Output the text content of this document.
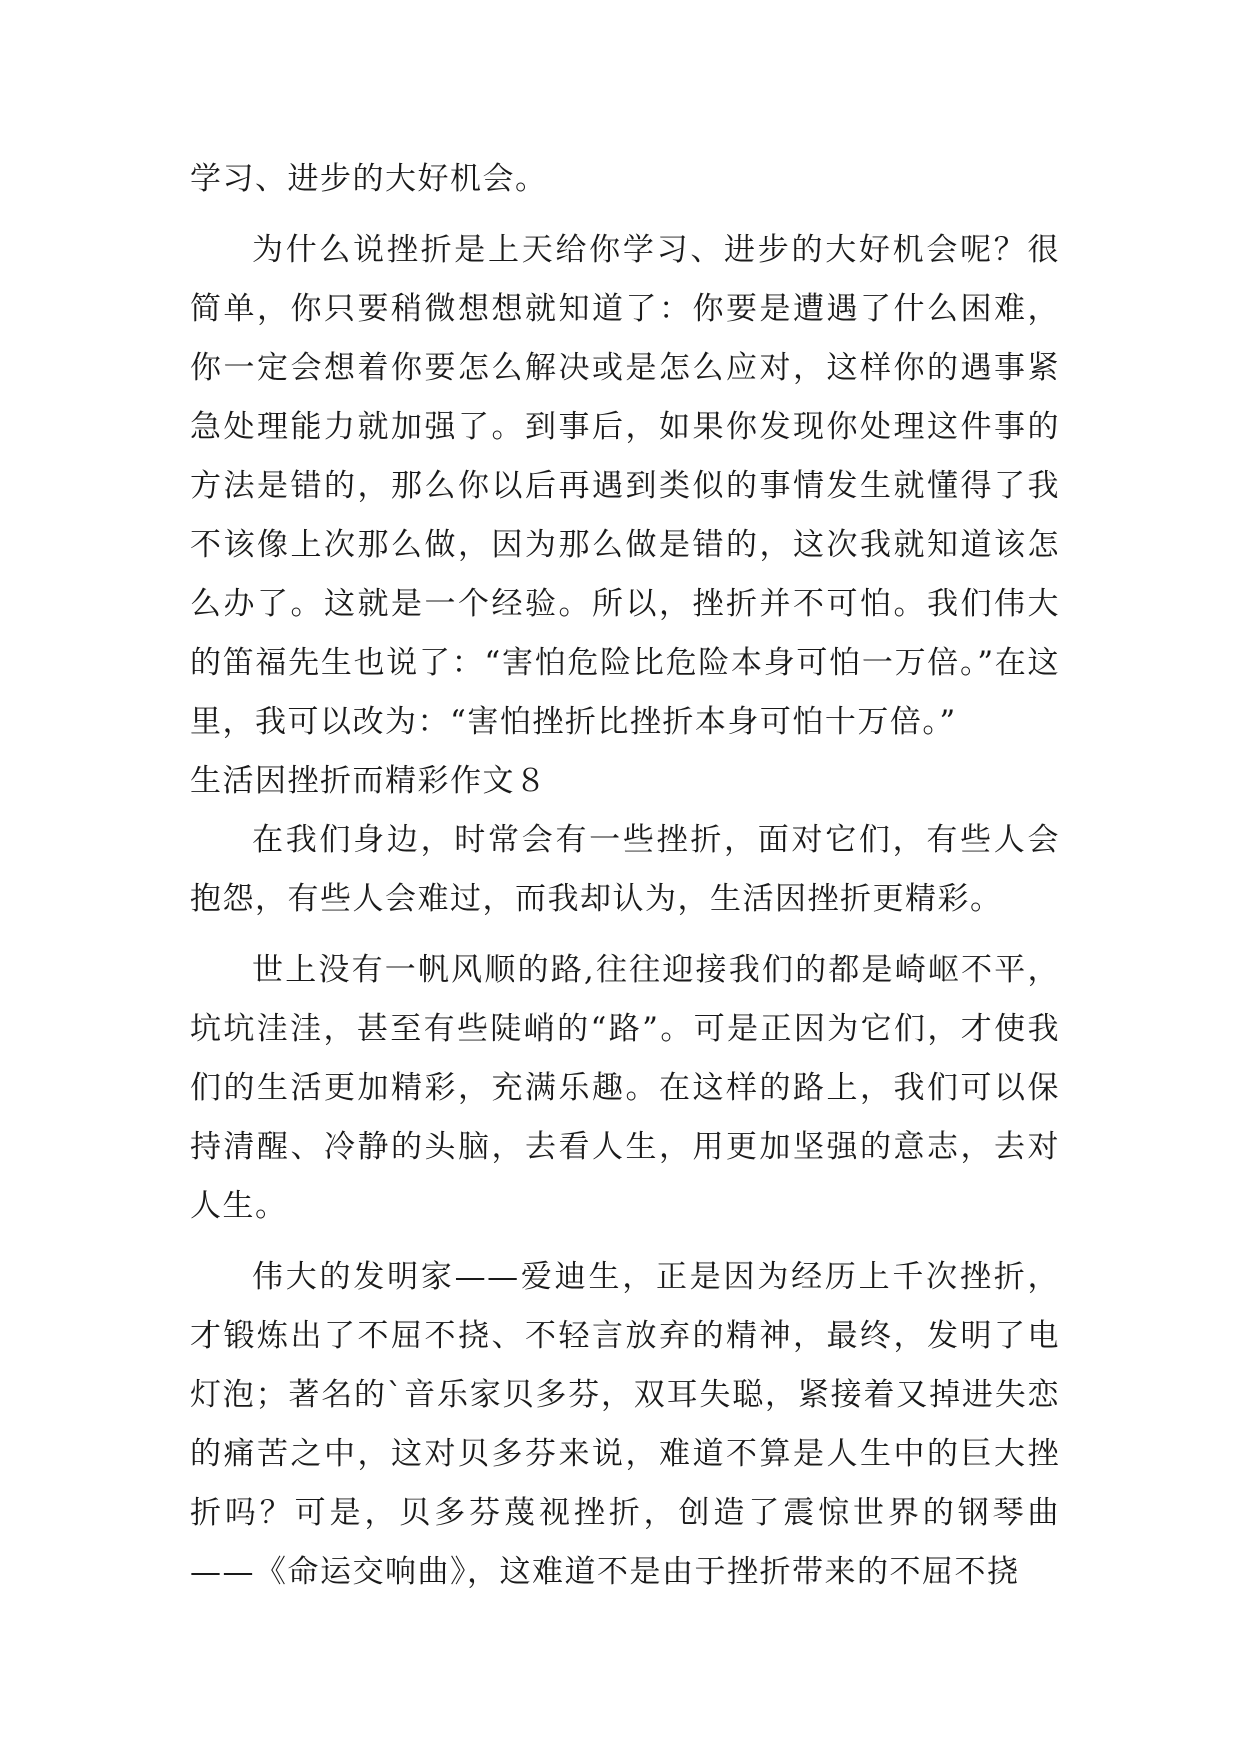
学习、进步的大好机会。

为什么说挫折是上天给你学习、进步的大好机会呢？很简单，你只要稍微想想就知道了：你要是遭遇了什么困难，你一定会想着你要怎么解决或是怎么应对，这样你的遇事紧急处理能力就加强了。到事后，如果你发现你处理这件事的方法是错的，那么你以后再遇到类似的事情发生就懂得了我不该像上次那么做，因为那么做是错的，这次我就知道该怎么办了。这就是一个经验。所以，挫折并不可怕。我们伟大的笛福先生也说了：“害怕危险比危险本身可怕一万倍。”在这里，我可以改为：“害怕挫折比挫折本身可怕十万倍。”

生活因挫折而精彩作文８

在我们身边，时常会有一些挫折，面对它们，有些人会抱怨，有些人会难过，而我却认为，生活因挫折更精彩。

世上没有一帆风顺的路,往往迎接我们的都是崎岖不平，坑坑洼洼，甚至有些陡峭的“路”。可是正因为它们，才使我们的生活更加精彩，充满乐趣。在这样的路上，我们可以保持清醒、冷静的头脑，去看人生，用更加坚强的意志，去对人生。

伟大的发明家——爱迪生，正是因为经历上千次挫折，才锻炼出了不屈不挠、不轻言放弃的精神，最终，发明了电灯泡；著名的`音乐家贝多芬，双耳失聪，紧接着又掉进失恋的痛苦之中，这对贝多芬来说，难道不算是人生中的巨大挫折吗？可是，贝多芬蔑视挫折，创造了震惊世界的钢琴曲——《命运交响曲》，这难道不是由于挫折带来的不屈不挠
